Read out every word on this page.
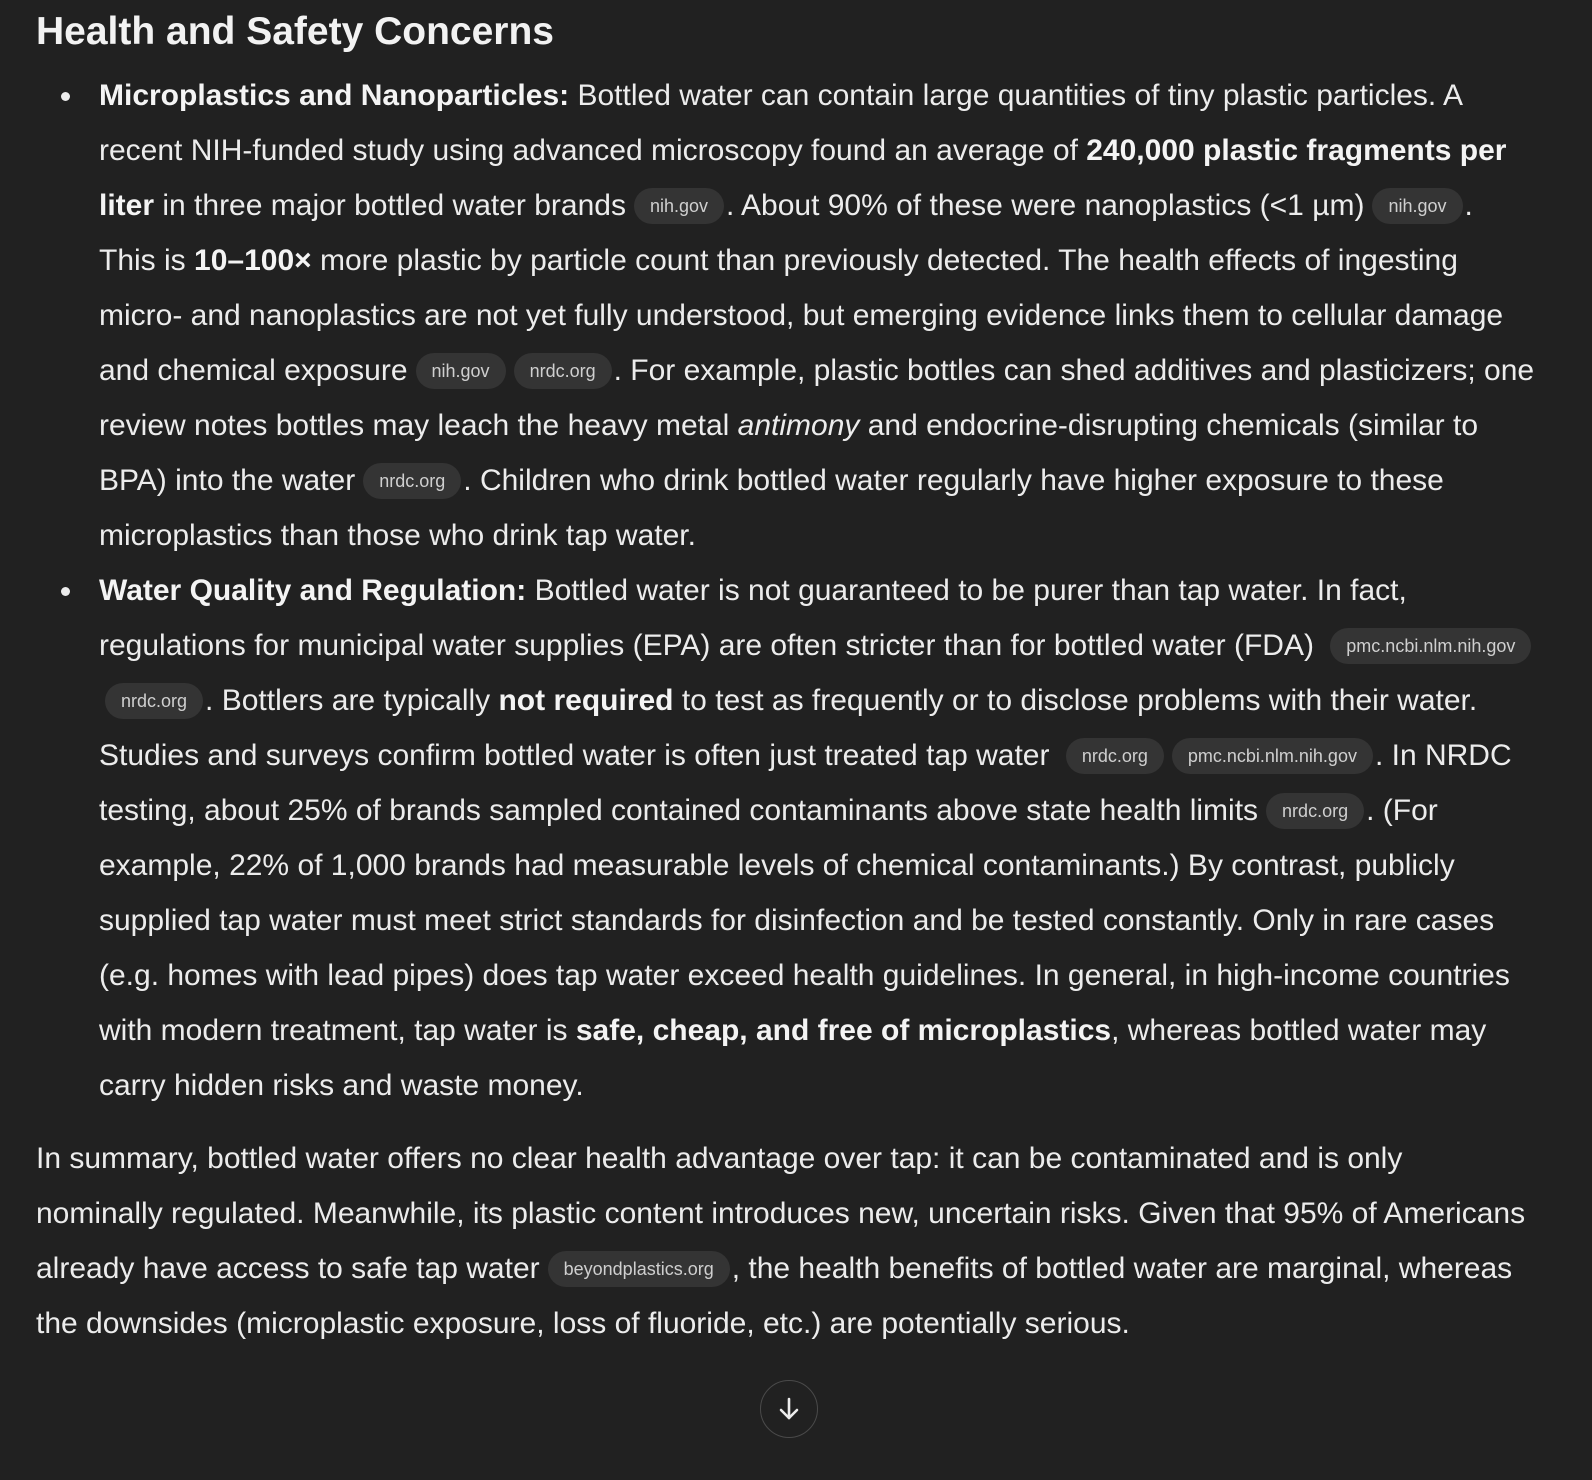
Health and Safety Concerns
Microplastics and Nanoparticles: Bottled water can contain large quantities of tiny plastic particles. A recent NIH-funded study using advanced microscopy found an average of 240,000 plastic fragments per liter in three major bottled water brands nih.gov . About 90% of these were nanoplastics (<1 µm) nih.gov . This is 10–100× more plastic by particle count than previously detected. The health effects of ingesting micro- and nanoplastics are not yet fully understood, but emerging evidence links them to cellular damage and chemical exposure nih.gov nrdc.org . For example, plastic bottles can shed additives and plasticizers; one review notes bottles may leach the heavy metal antimony and endocrine-disrupting chemicals (similar to BPA) into the water nrdc.org . Children who drink bottled water regularly have higher exposure to these microplastics than those who drink tap water.
Water Quality and Regulation: Bottled water is not guaranteed to be purer than tap water. In fact, regulations for municipal water supplies (EPA) are often stricter than for bottled water (FDA) pmc.ncbi.nlm.nih.govnrdc.org . Bottlers are typically not required to test as frequently or to disclose problems with their water. Studies and surveys confirm bottled water is often just treated tap water nrdc.org pmc.ncbi.nlm.nih.gov . In NRDC testing, about 25% of brands sampled contained contaminants above state health limits nrdc.org . (For example, 22% of 1,000 brands had measurable levels of chemical contaminants.) By contrast, publicly supplied tap water must meet strict standards for disinfection and be tested constantly. Only in rare cases (e.g. homes with lead pipes) does tap water exceed health guidelines. In general, in high-income countries with modern treatment, tap water is safe, cheap, and free of microplastics, whereas bottled water may carry hidden risks and waste money.

In summary, bottled water offers no clear health advantage over tap: it can be contaminated and is only nominally regulated. Meanwhile, its plastic content introduces new, uncertain risks. Given that 95% of Americans already have access to safe tap water beyondplastics.org , the health benefits of bottled water are marginal, whereas the downsides (microplastic exposure, loss of fluoride, etc.) are potentially serious.
